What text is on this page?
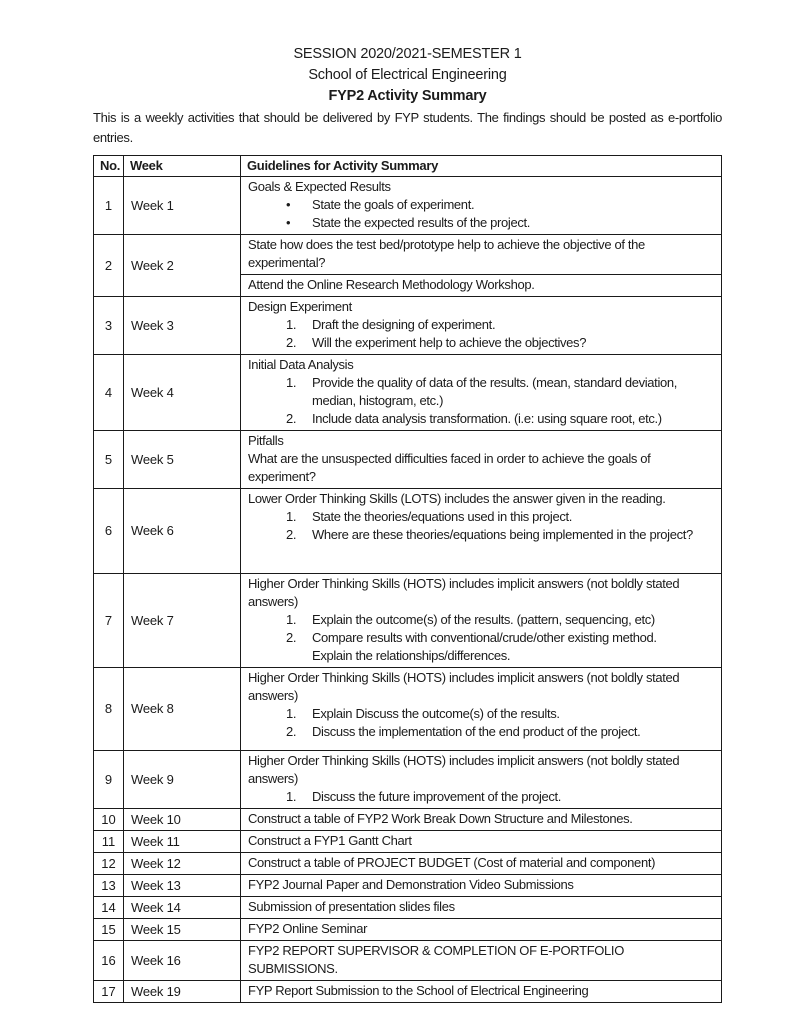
SESSION 2020/2021-SEMESTER 1
School of Electrical Engineering
FYP2 Activity Summary

This is a weekly activities that should be delivered by FYP students. The findings should be posted as e-portfolio entries.

No.	Week	Guidelines for Activity Summary
1	Week 1	Goals & Expected Results
• State the goals of experiment.
• State the expected results of the project.

2	Week 2	State how does the test bed/prototype help to achieve the objective of the experimental?
Attend the Online Research Methodology Workshop.

3	Week 3	Design Experiment
1. Draft the designing of experiment.
2. Will the experiment help to achieve the objectives?

4	Week 4	Initial Data Analysis
1. Provide the quality of data of the results. (mean, standard deviation, median, histogram, etc.)
2. Include data analysis transformation. (i.e: using square root, etc.)

5	Week 5	Pitfalls
What are the unsuspected difficulties faced in order to achieve the goals of experiment?

6	Week 6	Lower Order Thinking Skills (LOTS) includes the answer given in the reading.
1. State the theories/equations used in this project.
2. Where are these theories/equations being implemented in the project?

7	Week 7	
Higher Order Thinking Skills (HOTS) includes implicit answers (not boldly stated answers)
1.	Explain the outcome(s) of the results. (pattern, sequencing, etc)
2.	Compare results with conventional/crude/other existing method.
Explain the relationships/differences.

8	Week 8	Higher Order Thinking Skills (HOTS) includes implicit answers (not boldly stated answers)
1. Explain Discuss the outcome(s) of the results.
2. Discuss the implementation of the end product of the project.

9	Week 9	Higher Order Thinking Skills (HOTS) includes implicit answers (not boldly stated answers)
1. Discuss the future improvement of the project.

10	Week 10	Construct a table of FYP2 Work Break Down Structure and Milestones.

11	Week 11	Construct a FYP1 Gantt Chart

12	Week 12	Construct a table of PROJECT BUDGET (Cost of material and component)

13	Week 13	FYP2 Journal Paper and Demonstration Video Submissions

14	Week 14	Submission of presentation slides files

15	Week 15	FYP2 Online Seminar

16	Week 16	FYP2 REPORT SUPERVISOR & COMPLETION OF E-PORTFOLIO SUBMISSIONS.

17	Week 19	FYP Report Submission to the School of Electrical Engineering
